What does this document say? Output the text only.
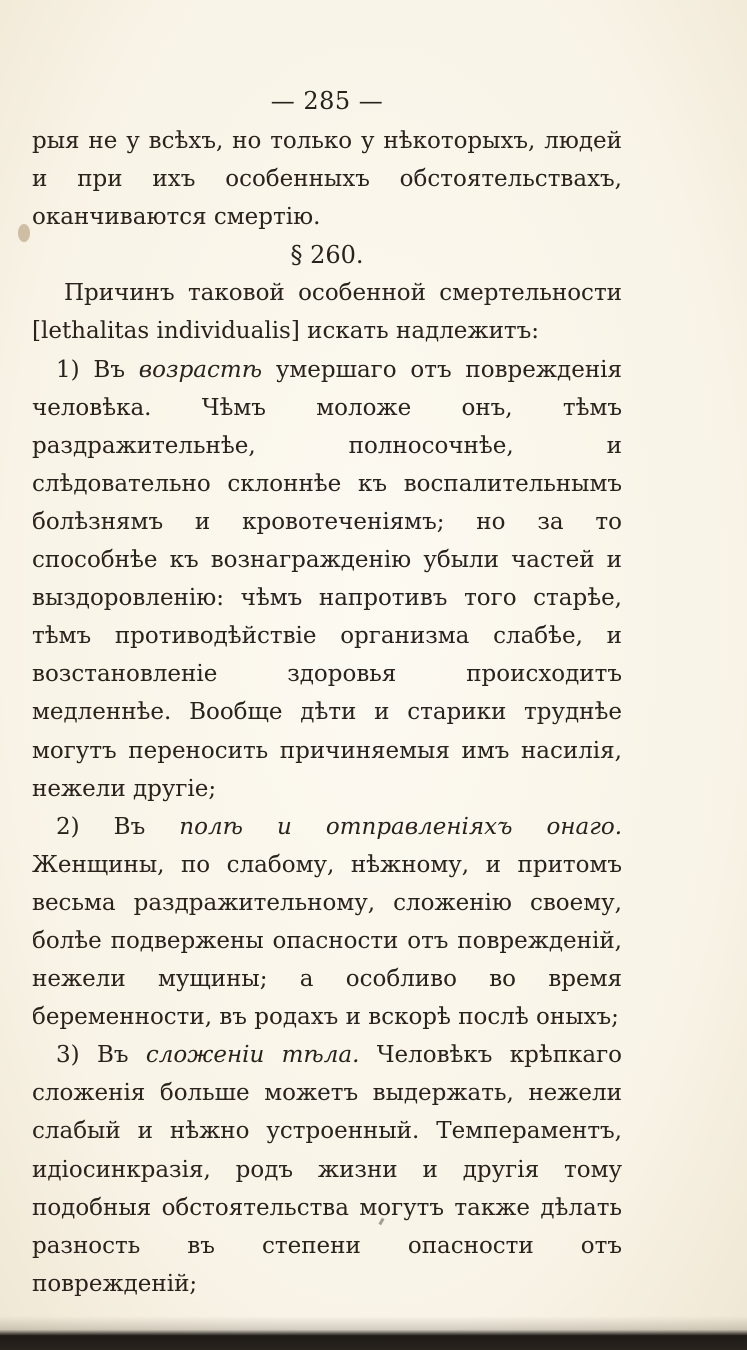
— 285 —

рыя не у всѣхъ, но только у нѣкоторыхъ, людей и при ихъ особенныхъ обстоятельствахъ, оканчиваются смертію.

§ 260.

Причинъ таковой особенной смертельности [lethalitas individualis] искать надлежитъ:

1) Въ возрастѣ умершаго отъ поврежденія человѣка. Чѣмъ моложе онъ, тѣмъ раздражительнѣе, полносочнѣе, и слѣдовательно склоннѣе къ воспалительнымъ болѣзнямъ и кровотеченіямъ; но за то способнѣе къ вознагражденію убыли частей и выздоровленію: чѣмъ напротивъ того старѣе, тѣмъ противодѣйствіе организма слабѣе, и возстановленіе здоровья происходитъ медленнѣе. Вообще дѣти и старики труднѣе могутъ переносить причиняемыя имъ насилія, нежели другіе;

2) Въ полѣ и отправленіяхъ онаго. Женщины, по слабому, нѣжному, и притомъ весьма раздражительному, сложенію своему, болѣе подвержены опасности отъ поврежденій, нежели мущины; а особливо во время беременности, въ родахъ и вскорѣ послѣ оныхъ;

3) Въ сложеніи тѣла. Человѣкъ крѣпкаго сложенія больше можетъ выдержать, нежели слабый и нѣжно устроенный. Темпераментъ, идіосинкразія, родъ жизни и другія тому подобныя обстоятельства могутъ также дѣлать разность въ степени опасности отъ поврежденій;
